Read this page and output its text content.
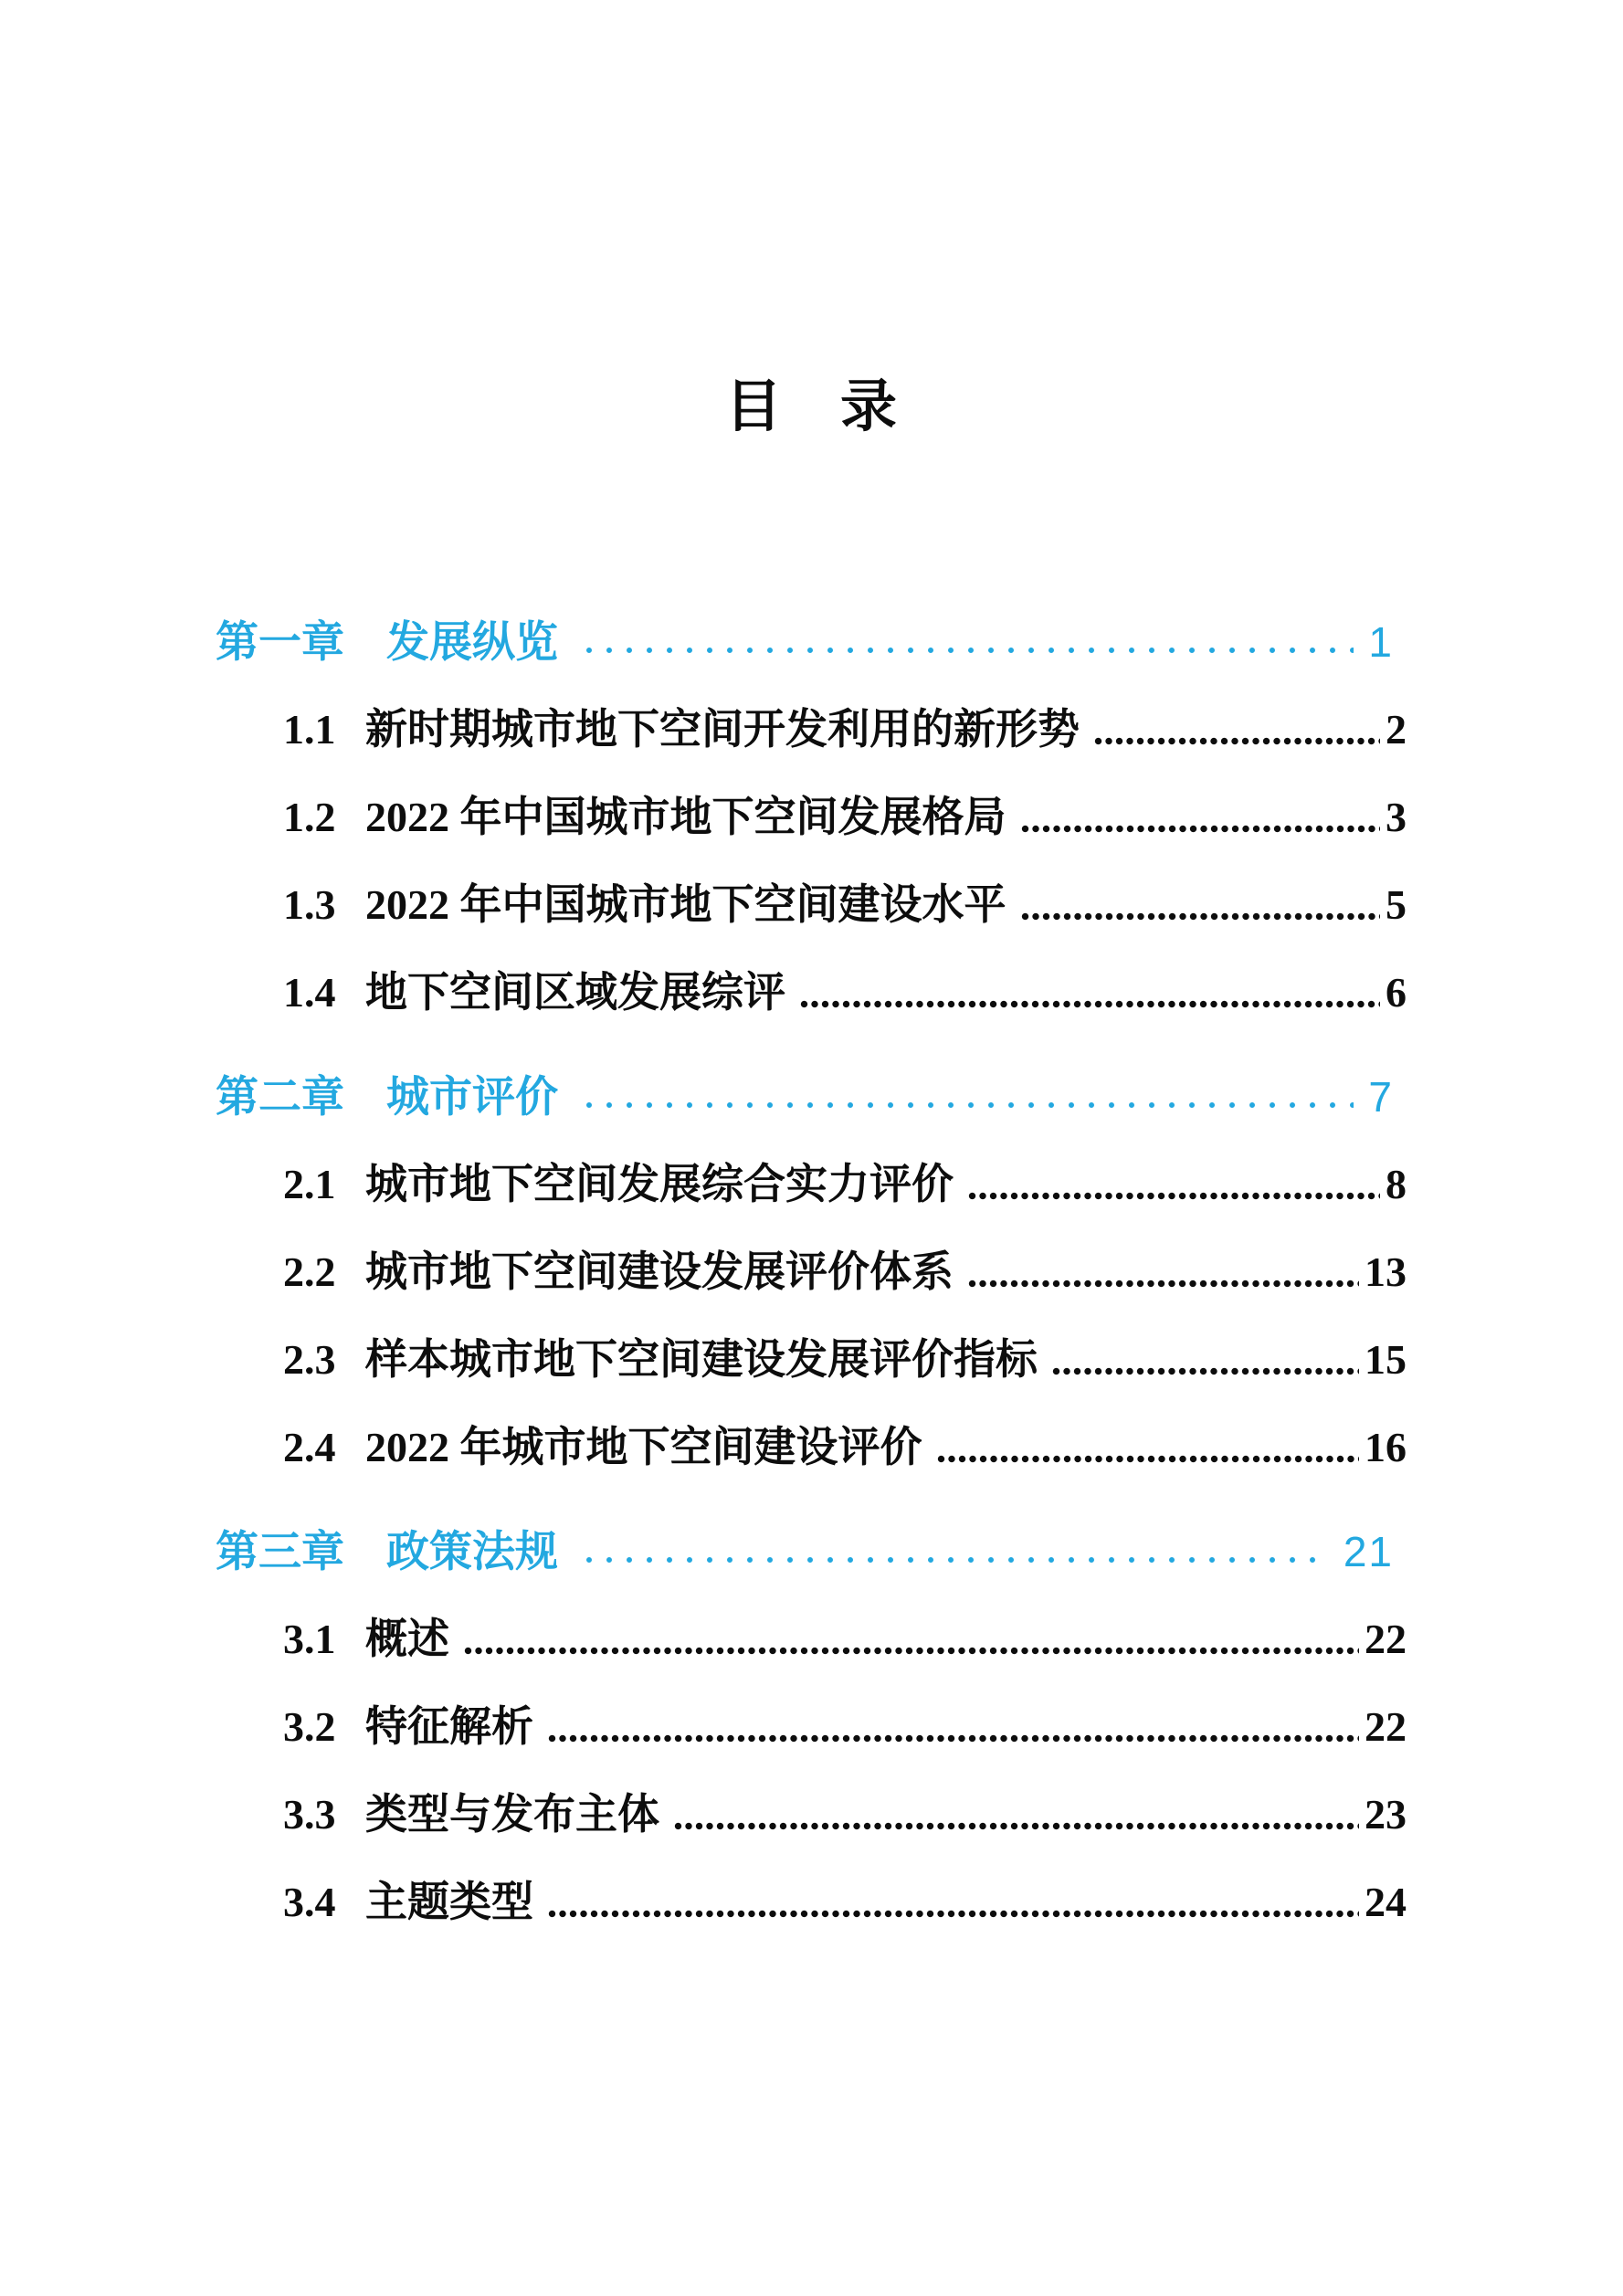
目　录
第一章 发展纵览	1
1.1 新时期城市地下空间开发利用的新形势	2
1.2 2022 年中国城市地下空间发展格局	3
1.3 2022 年中国城市地下空间建设水平	5
1.4 地下空间区域发展综评	6
第二章 城市评价	7
2.1 城市地下空间发展综合实力评价	8
2.2 城市地下空间建设发展评价体系	13
2.3 样本城市地下空间建设发展评价指标	15
2.4 2022 年城市地下空间建设评价	16
第三章 政策法规	21
3.1 概述	22
3.2 特征解析	22
3.3 类型与发布主体	23
3.4 主题类型	24
